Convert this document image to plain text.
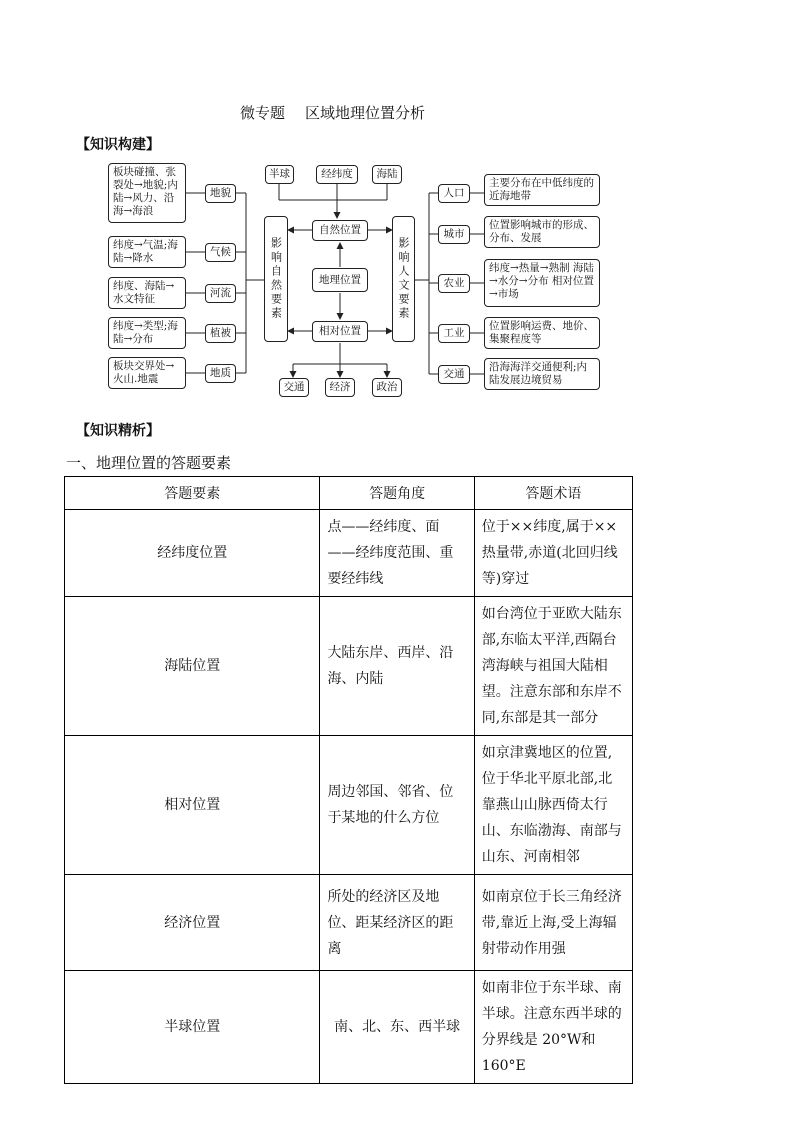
微专题 区域地理位置分析
【知识构建】
板块碰撞、张裂处→地貌;内陆→风力、沿海→海浪
纬度→气温;海陆→降水
纬度、海陆→水文特征
纬度→类型;海陆→分布
板块交界处→火山.地震
地貌
气候
河流
植被
地质
影响自然要素
半球	经纬度	海陆
自然位置
地理位置
相对位置
交通	经济	政治
影响人文要素
人口
城市
农业
工业
交通
主要分布在中低纬度的近海地带
位置影响城市的形成、分布、发展
纬度→热量→熟制 海陆→水分→分布 相对位置→市场
位置影响运费、地价、集聚程度等
沿海海洋交通便利;内陆发展边境贸易
【知识精析】
一、地理位置的答题要素
答题要素	答题角度	答题术语
经纬度位置	点——经纬度、面——经纬度范围、重要经纬线	位于××纬度,属于××热量带,赤道(北回归线等)穿过
海陆位置	大陆东岸、西岸、沿海、内陆	如台湾位于亚欧大陆东部,东临太平洋,西隔台湾海峡与祖国大陆相望。注意东部和东岸不同,东部是其一部分
相对位置	周边邻国、邻省、位于某地的什么方位	如京津冀地区的位置,位于华北平原北部,北靠燕山山脉西倚太行山、东临渤海、南部与山东、河南相邻
经济位置	所处的经济区及地位、距某经济区的距离	如南京位于长三角经济带,靠近上海,受上海辐射带动作用强
半球位置	南、北、东、西半球	如南非位于东半球、南半球。注意东西半球的分界线是 20°W和 160°E
